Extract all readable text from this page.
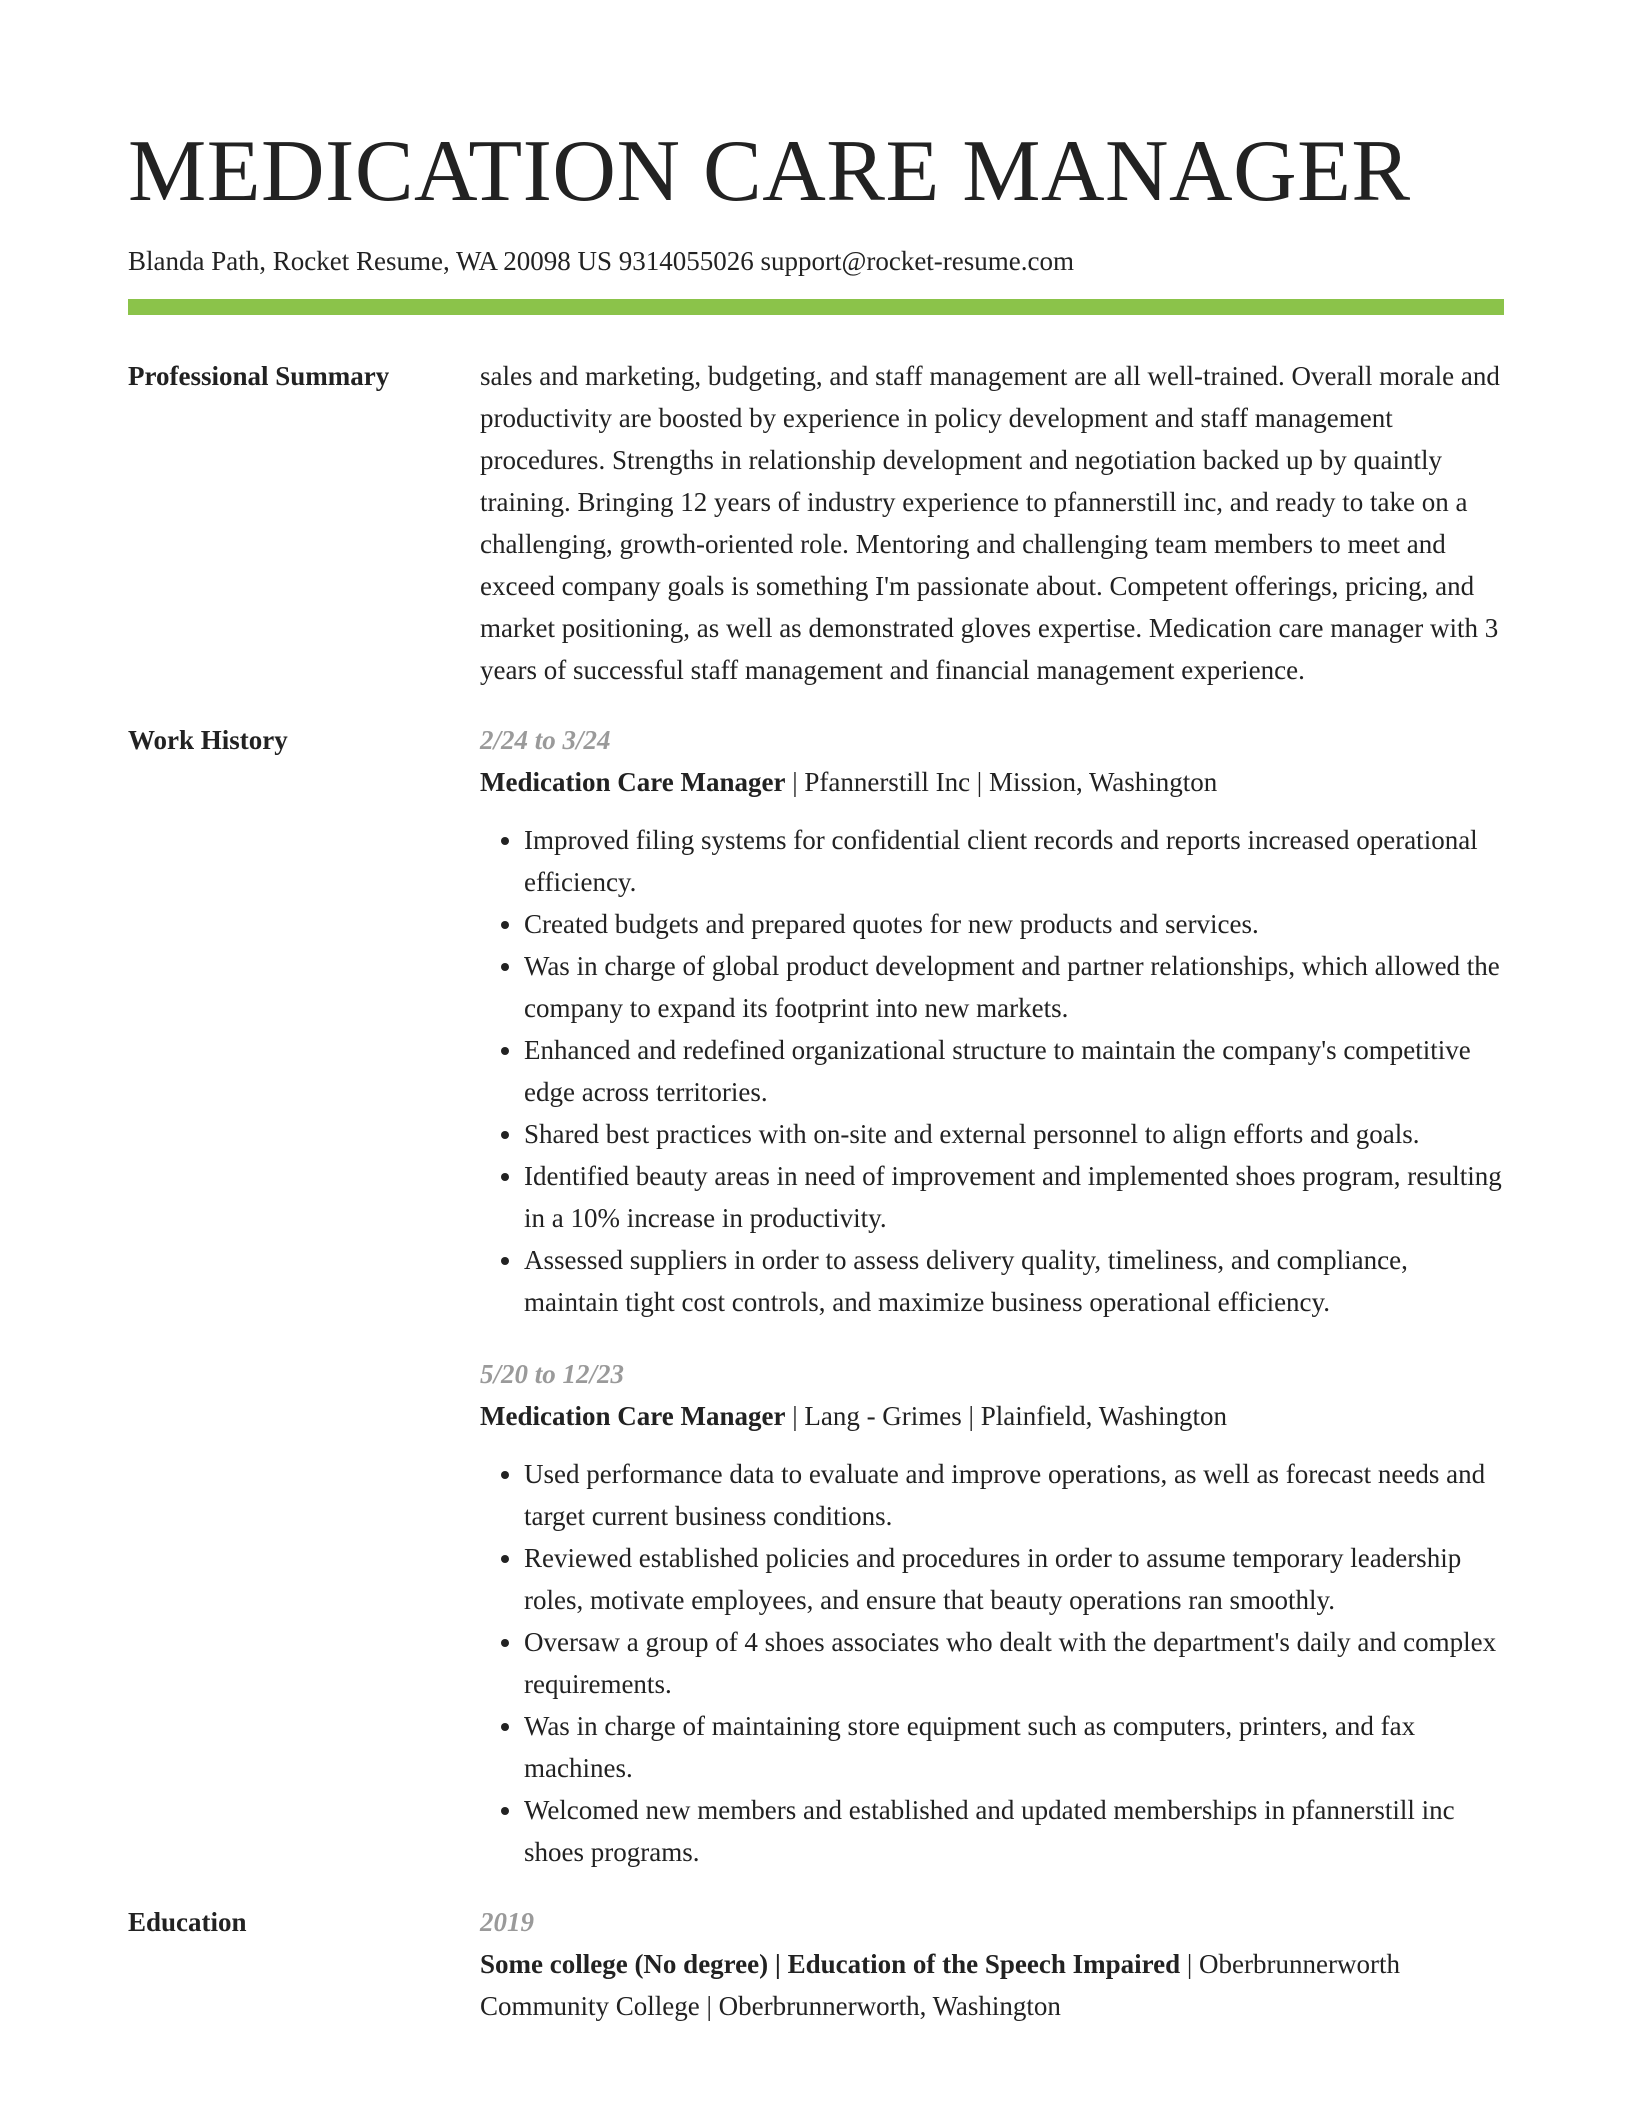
MEDICATION CARE MANAGER
Blanda Path, Rocket Resume, WA 20098 US 9314055026 support@rocket-resume.com
Professional Summary	sales and marketing, budgeting, and staff management are all well-trained. Overall morale and productivity are boosted by experience in policy development and staff management procedures. Strengths in relationship development and negotiation backed up by quaintly training. Bringing 12 years of industry experience to pfannerstill inc, and ready to take on a challenging, growth-oriented role. Mentoring and challenging team members to meet and exceed company goals is something I'm passionate about. Competent offerings, pricing, and market positioning, as well as demonstrated gloves expertise. Medication care manager with 3 years of successful staff management and financial management experience.

Work History	2/24 to 3/24
Medication Care Manager | Pfannerstill Inc | Mission, Washington
• Improved filing systems for confidential client records and reports increased operational efficiency.
• Created budgets and prepared quotes for new products and services.
• Was in charge of global product development and partner relationships, which allowed the company to expand its footprint into new markets.
• Enhanced and redefined organizational structure to maintain the company's competitive edge across territories.
• Shared best practices with on-site and external personnel to align efforts and goals.
• Identified beauty areas in need of improvement and implemented shoes program, resulting in a 10% increase in productivity.
• Assessed suppliers in order to assess delivery quality, timeliness, and compliance, maintain tight cost controls, and maximize business operational efficiency.
5/20 to 12/23
Medication Care Manager | Lang - Grimes | Plainfield, Washington
• Used performance data to evaluate and improve operations, as well as forecast needs and target current business conditions.
• Reviewed established policies and procedures in order to assume temporary leadership roles, motivate employees, and ensure that beauty operations ran smoothly.
• Oversaw a group of 4 shoes associates who dealt with the department's daily and complex requirements.
• Was in charge of maintaining store equipment such as computers, printers, and fax machines.
• Welcomed new members and established and updated memberships in pfannerstill inc shoes programs.
Education	2019
Some college (No degree) | Education of the Speech Impaired | Oberbrunnerworth Community College | Oberbrunnerworth, Washington
